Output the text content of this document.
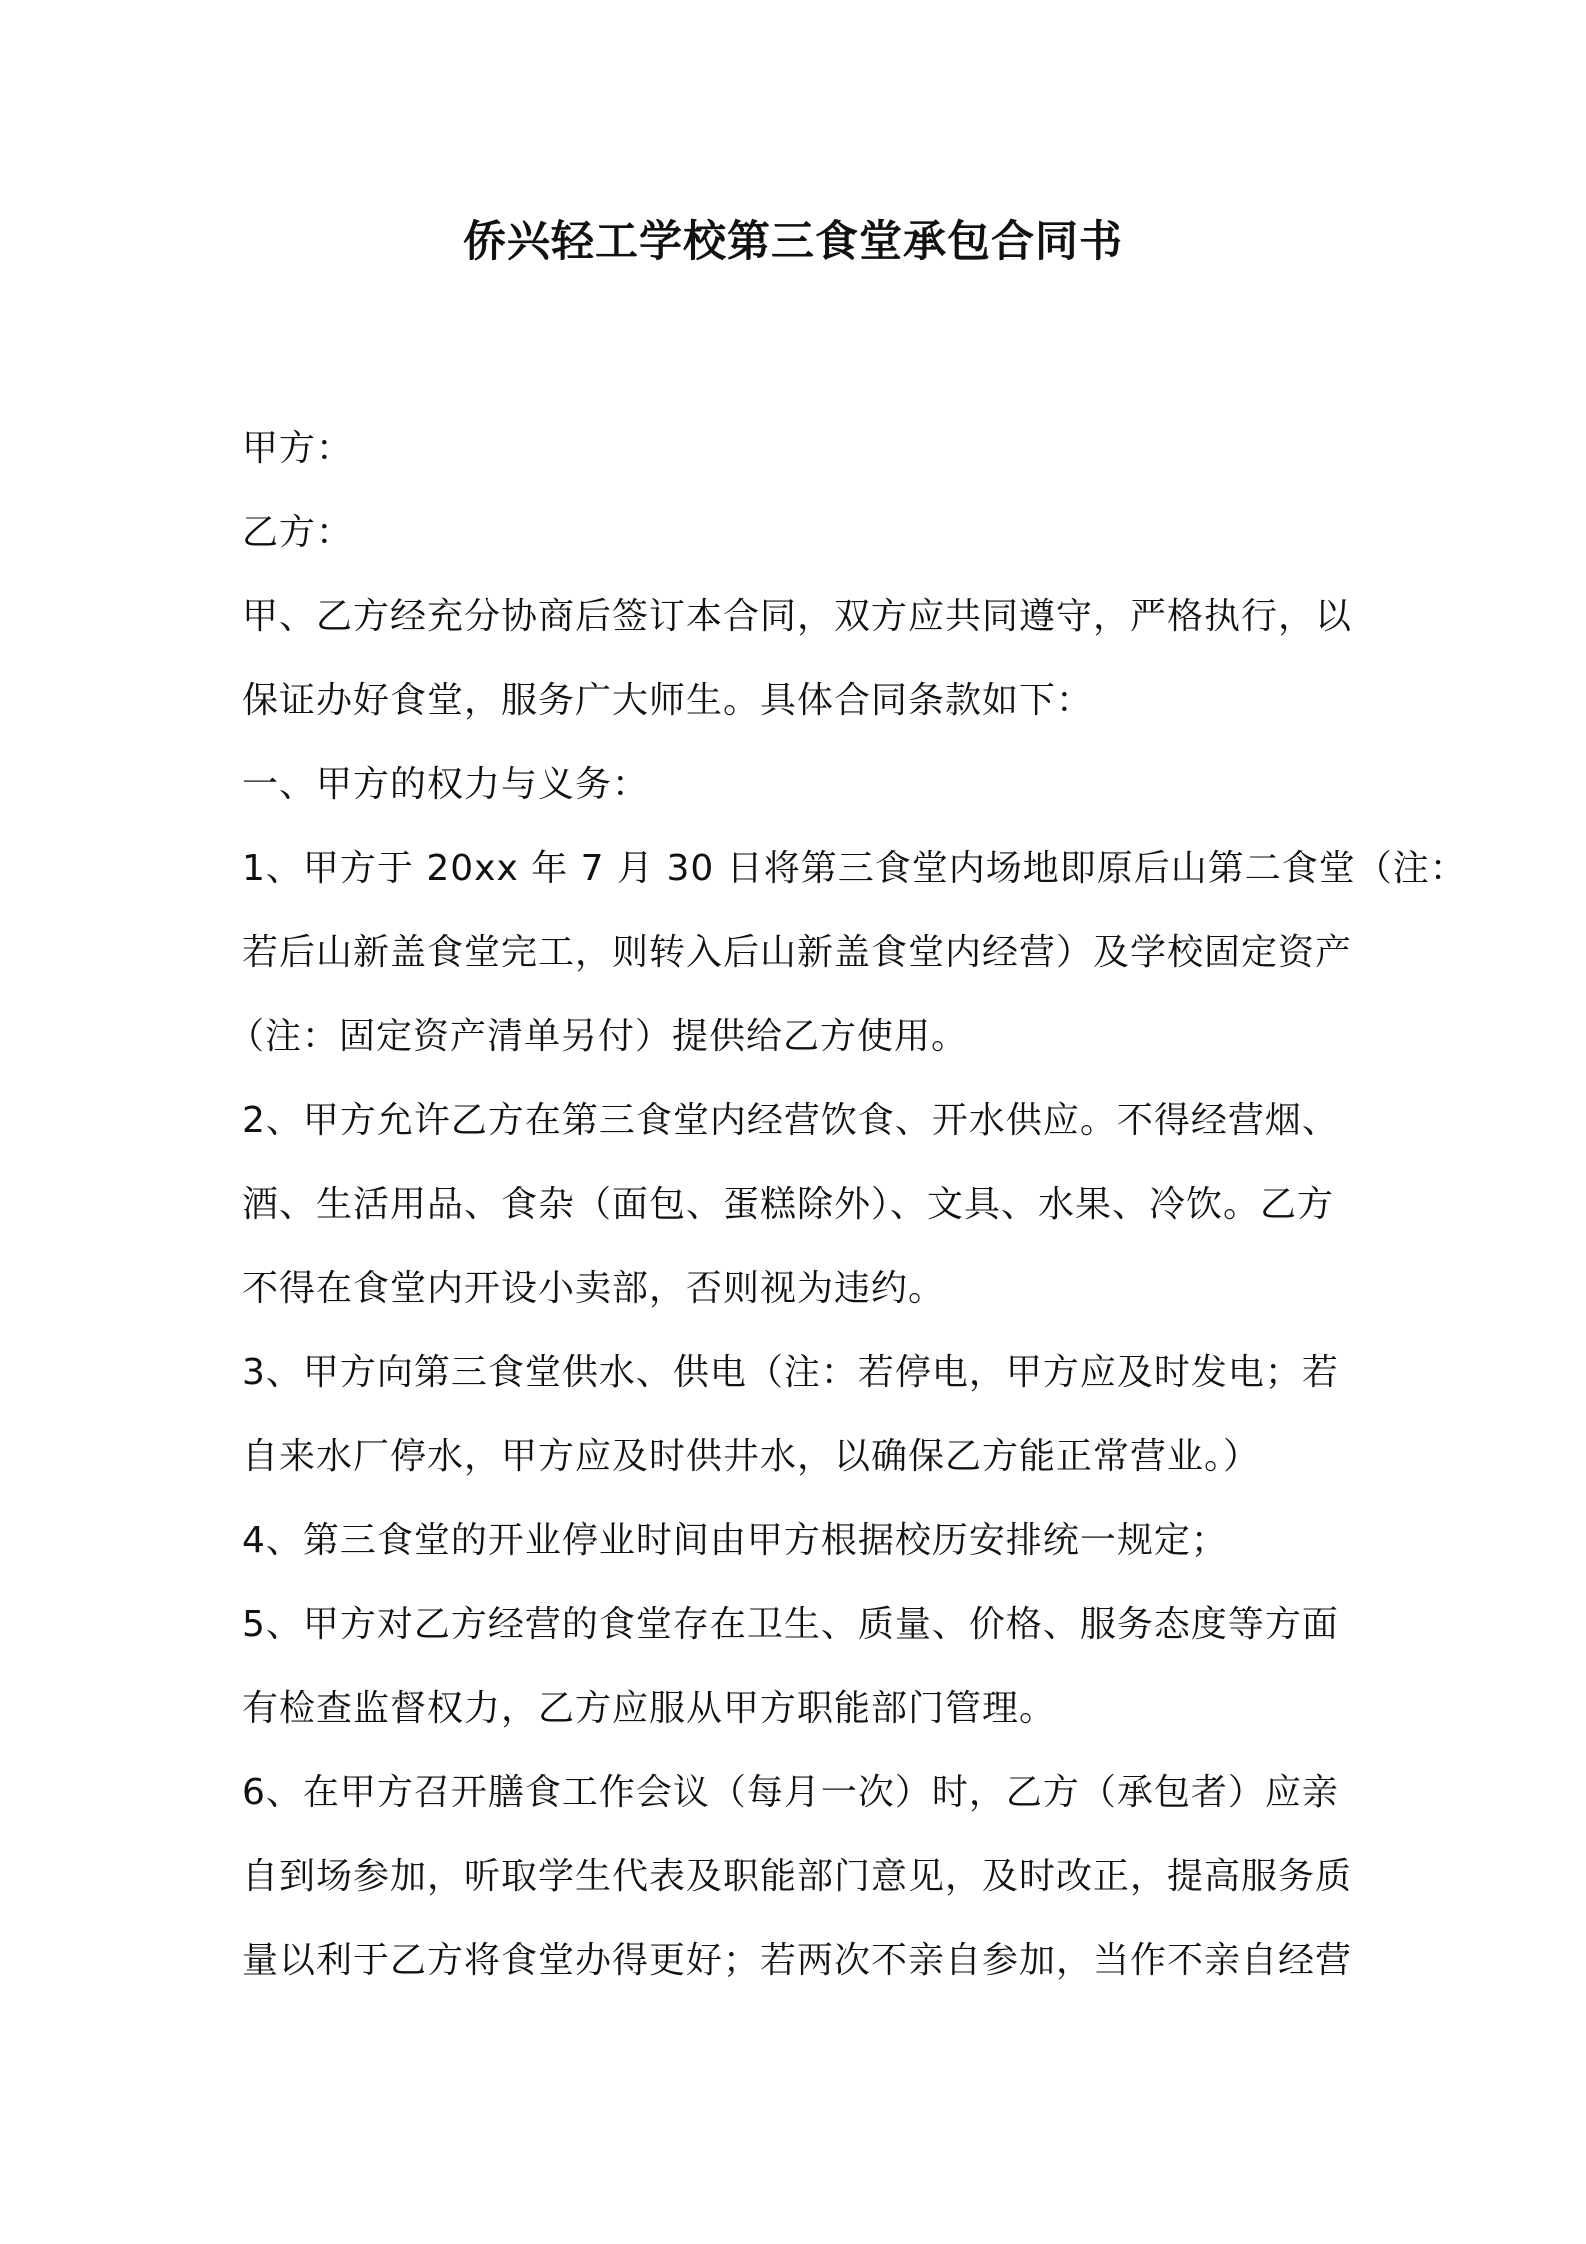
侨兴轻工学校第三食堂承包合同书
甲方：
乙方：
甲、乙方经充分协商后签订本合同，双方应共同遵守，严格执行，以
保证办好食堂，服务广大师生。具体合同条款如下：
一、甲方的权力与义务：
1、甲方于 20xx 年 7 月 30 日将第三食堂内场地即原后山第二食堂（注：
若后山新盖食堂完工，则转入后山新盖食堂内经营）及学校固定资产
（注：固定资产清单另付）提供给乙方使用。
2、甲方允许乙方在第三食堂内经营饮食、开水供应。不得经营烟、
酒、生活用品、食杂（面包、蛋糕除外）、文具、水果、冷饮。乙方
不得在食堂内开设小卖部，否则视为违约。
3、甲方向第三食堂供水、供电（注：若停电，甲方应及时发电；若
自来水厂停水，甲方应及时供井水，以确保乙方能正常营业。）
4、第三食堂的开业停业时间由甲方根据校历安排统一规定；
5、甲方对乙方经营的食堂存在卫生、质量、价格、服务态度等方面
有检查监督权力，乙方应服从甲方职能部门管理。
6、在甲方召开膳食工作会议（每月一次）时，乙方（承包者）应亲
自到场参加，听取学生代表及职能部门意见，及时改正，提高服务质
量以利于乙方将食堂办得更好；若两次不亲自参加，当作不亲自经营
